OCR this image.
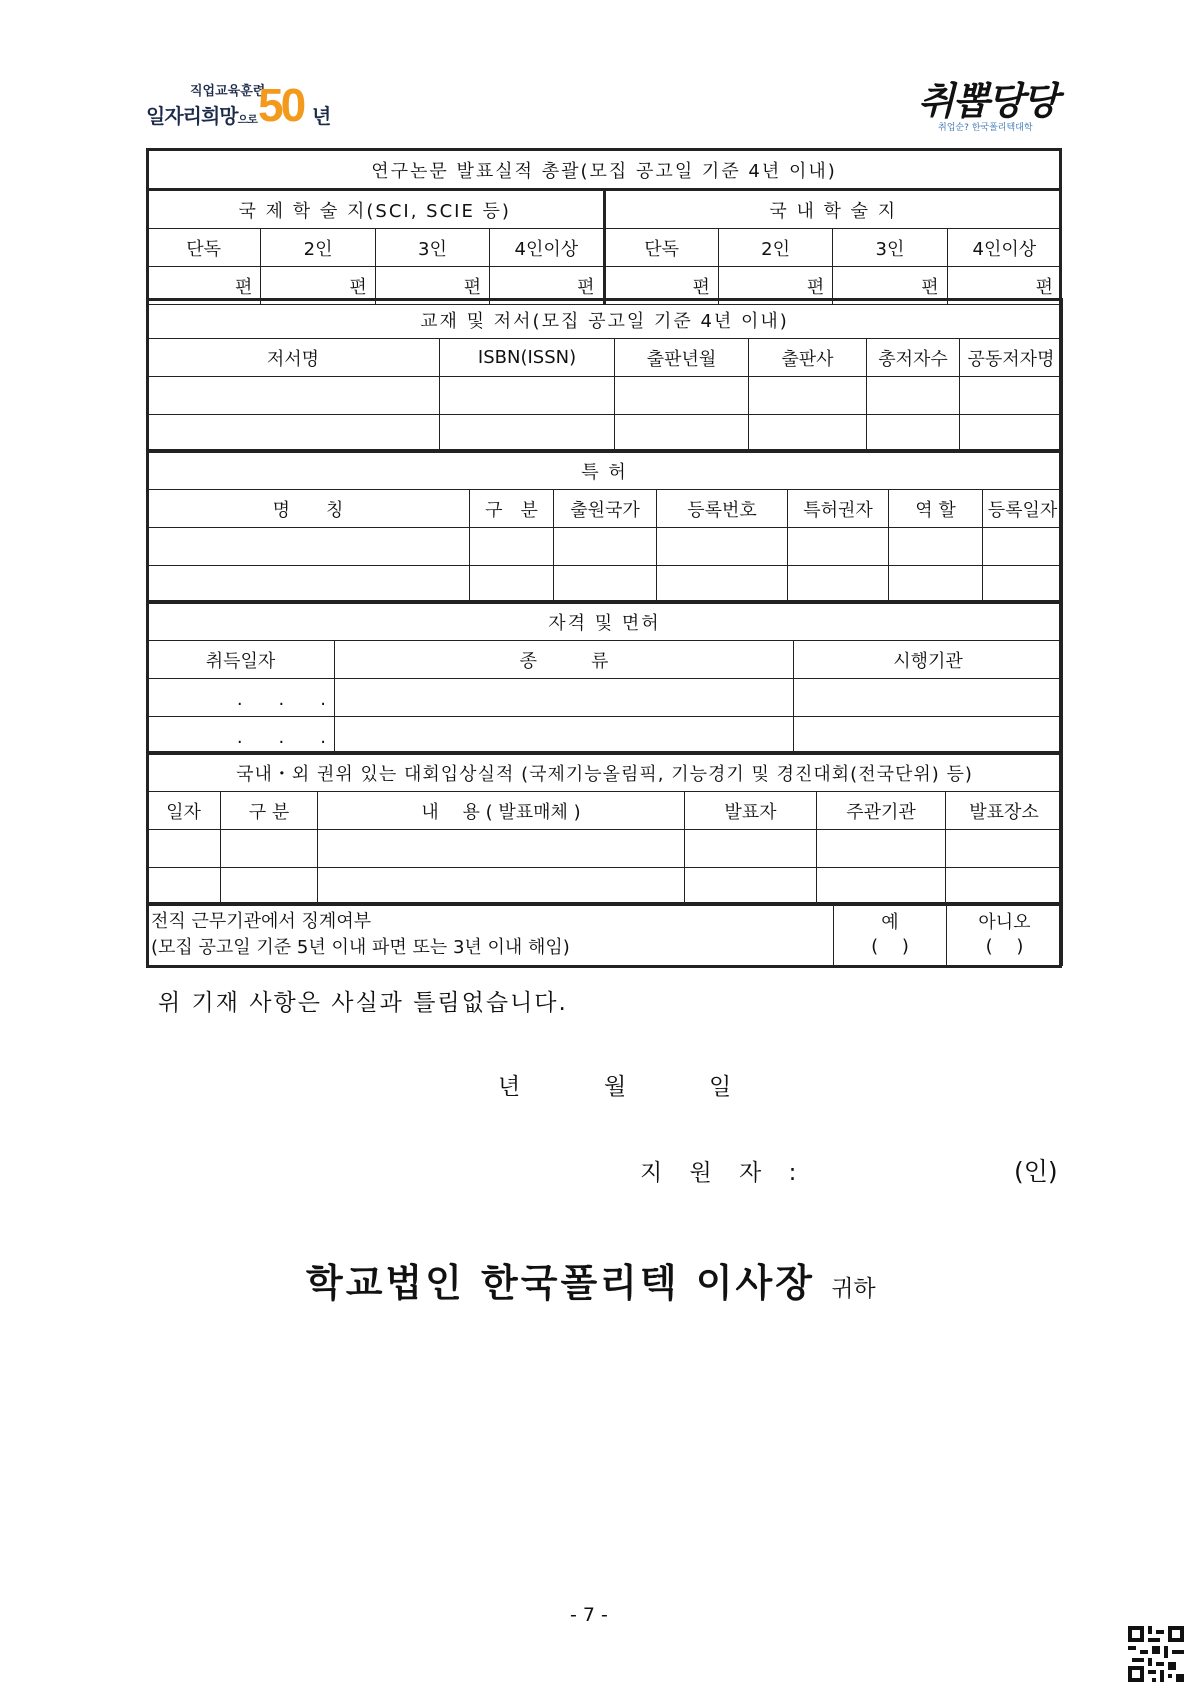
직업교육훈련
일자리희망으로 50 년	취뽑당당
취업순? 한국폴리텍대학
연구논문 발표실적 총괄(모집 공고일 기준 4년 이내)							
국 제 학 술 지(SCI, SCIE 등)				국 내 학 술 지			
단독	2인	3인	4인이상	단독	2인	3인	4인이상
편	편	편	편	편	편	편	편
교재 및 저서(모집 공고일 기준 4년 이내)					
저서명	ISBN(ISSN)	출판년월	출판사	총저자수	공동저자명

특 허						
명　　칭	구　분	출원국가	등록번호	특허권자	역 할	등록일자

자격 및 면허		
취득일자	종　　　류	시행기관
.　　.　　.		
.　　.　　.		
국내・외 권위 있는 대회입상실적 (국제기능올림픽, 기능경기 및 경진대회(전국단위) 등)					
일자	구 분	내　 용 ( 발표매체 )	발표자	주관기관	발표장소

전직 근무기관에서 징계여부
(모집 공고일 기준 5년 이내 파면 또는 3년 이내 해임)

예
(　 )

아니오
(　 )
위 기재 사항은 사실과 틀림없습니다.
년	월	일
지 원 자 :	(인)
학교법인 한국폴리텍 이사장 귀하
- 7 -
